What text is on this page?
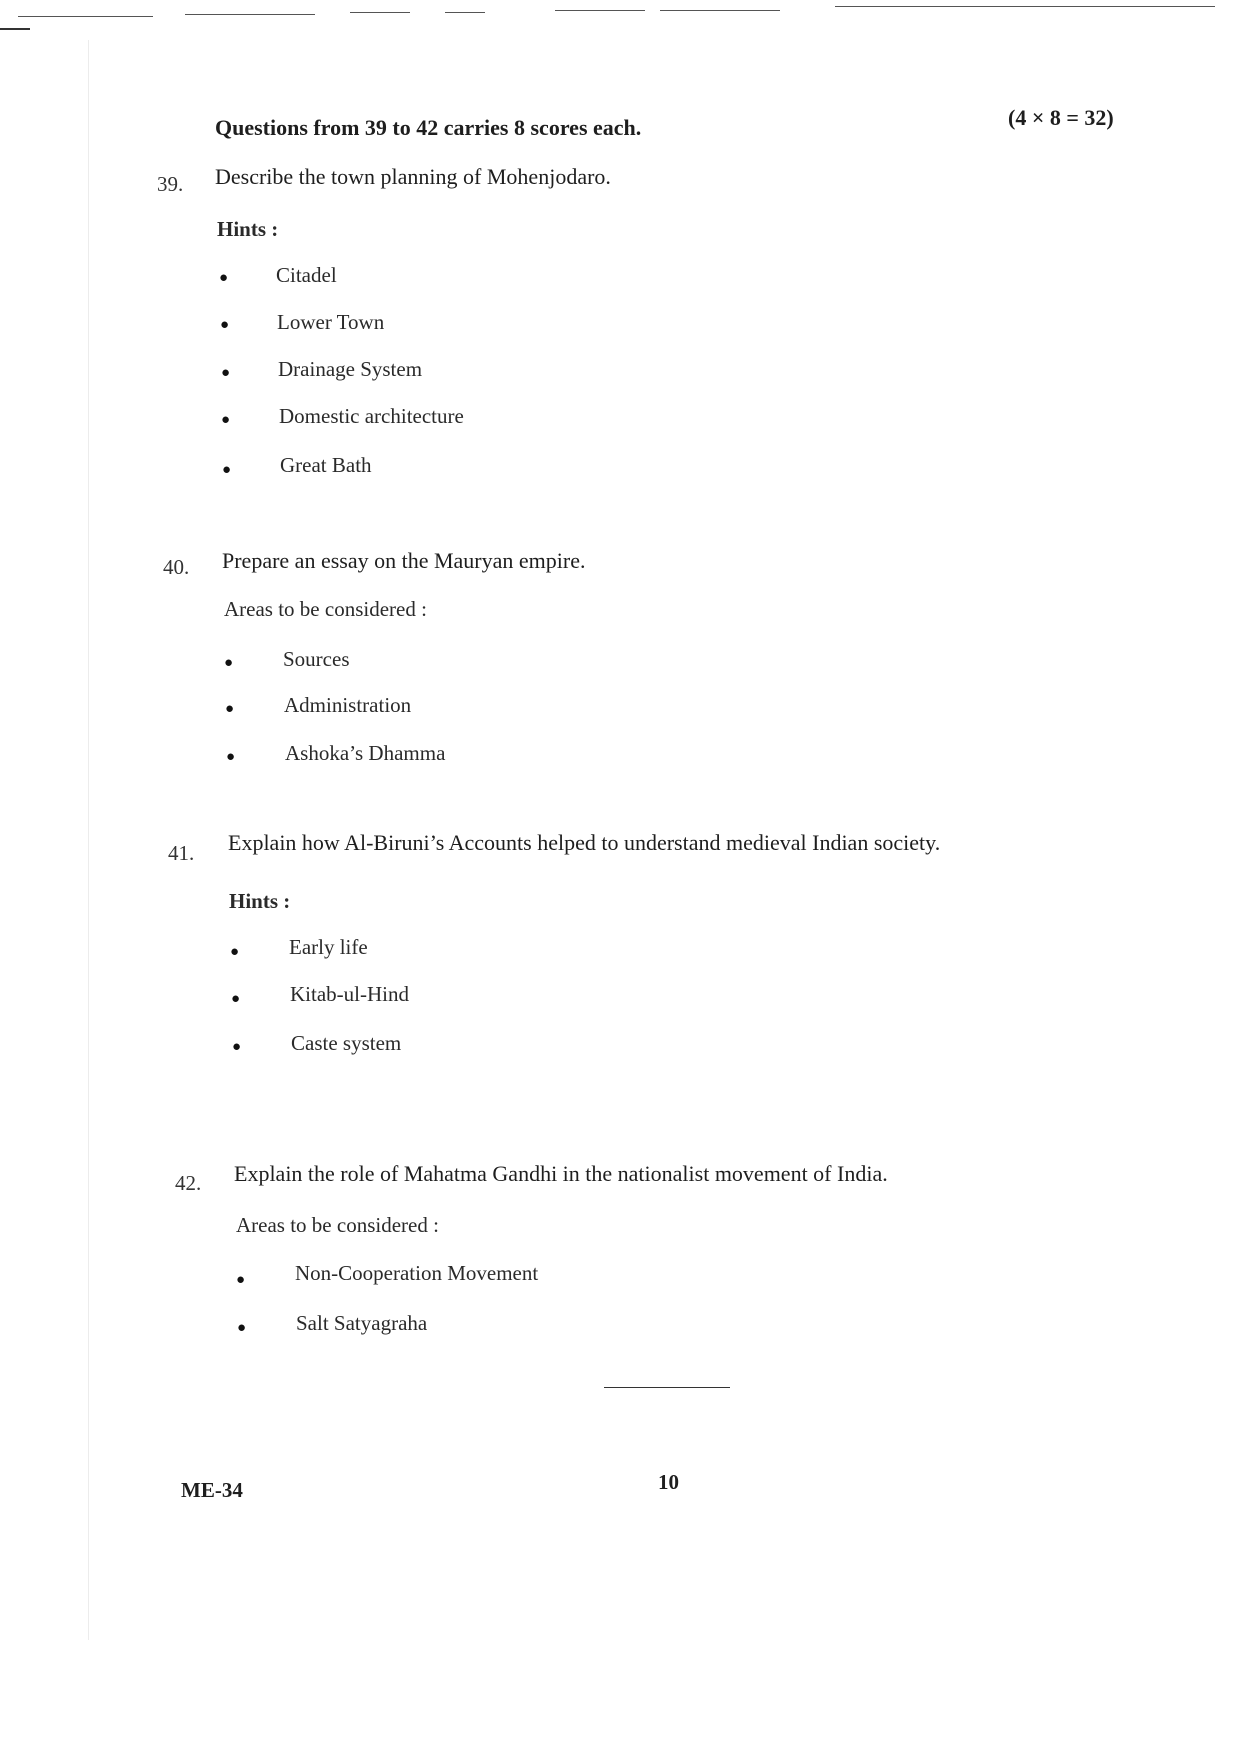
Questions from 39 to 42 carries 8 scores each.	(4 × 8 = 32)
39. Describe the town planning of Mohenjodaro.
Hints :
● Citadel
● Lower Town
● Drainage System
● Domestic architecture
● Great Bath
40. Prepare an essay on the Mauryan empire.
Areas to be considered :
● Sources
● Administration
● Ashoka’s Dhamma
41. Explain how Al-Biruni’s Accounts helped to understand medieval Indian society.
Hints :
● Early life
● Kitab-ul-Hind
● Caste system
42. Explain the role of Mahatma Gandhi in the nationalist movement of India.
Areas to be considered :
● Non-Cooperation Movement
● Salt Satyagraha
ME-34	10
